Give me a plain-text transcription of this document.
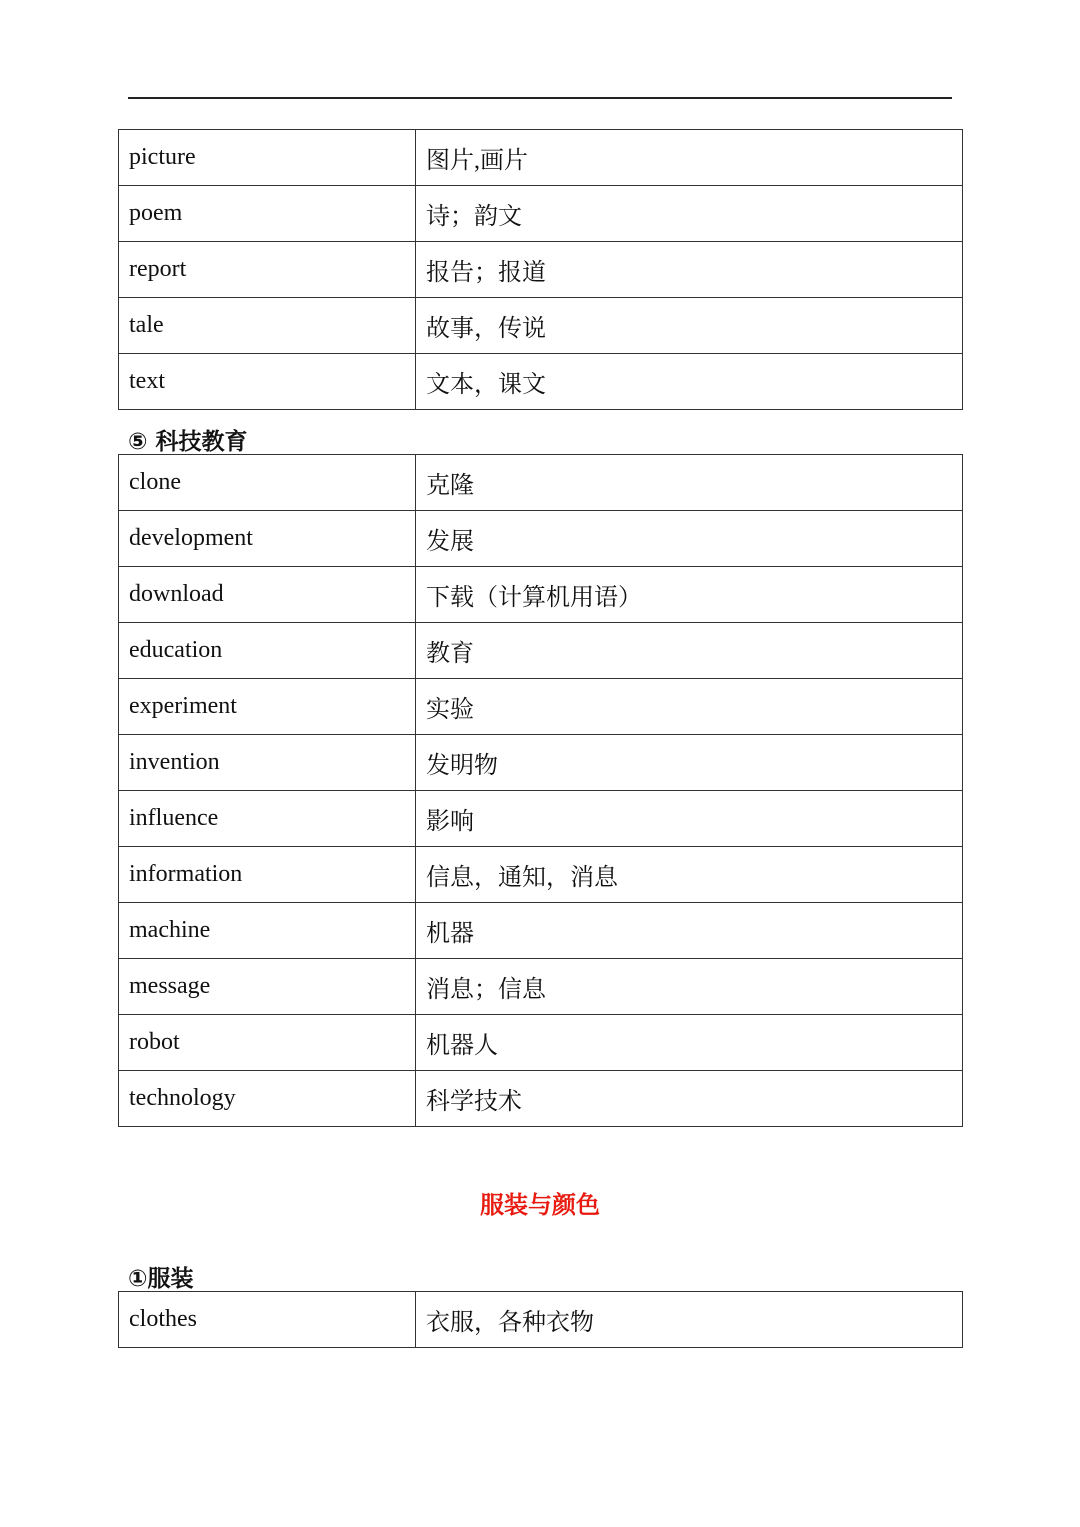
picture	图片,画片
poem	诗；韵文
report	报告；报道
tale	故事，传说
text	文本，课文
⑤ 科技教育
clone	克隆
development	发展
download	下载（计算机用语）
education	教育
experiment	实验
invention	发明物
influence	影响
information	信息，通知，消息
machine	机器
message	消息；信息
robot	机器人
technology	科学技术
服装与颜色
①服装
clothes	衣服，各种衣物
